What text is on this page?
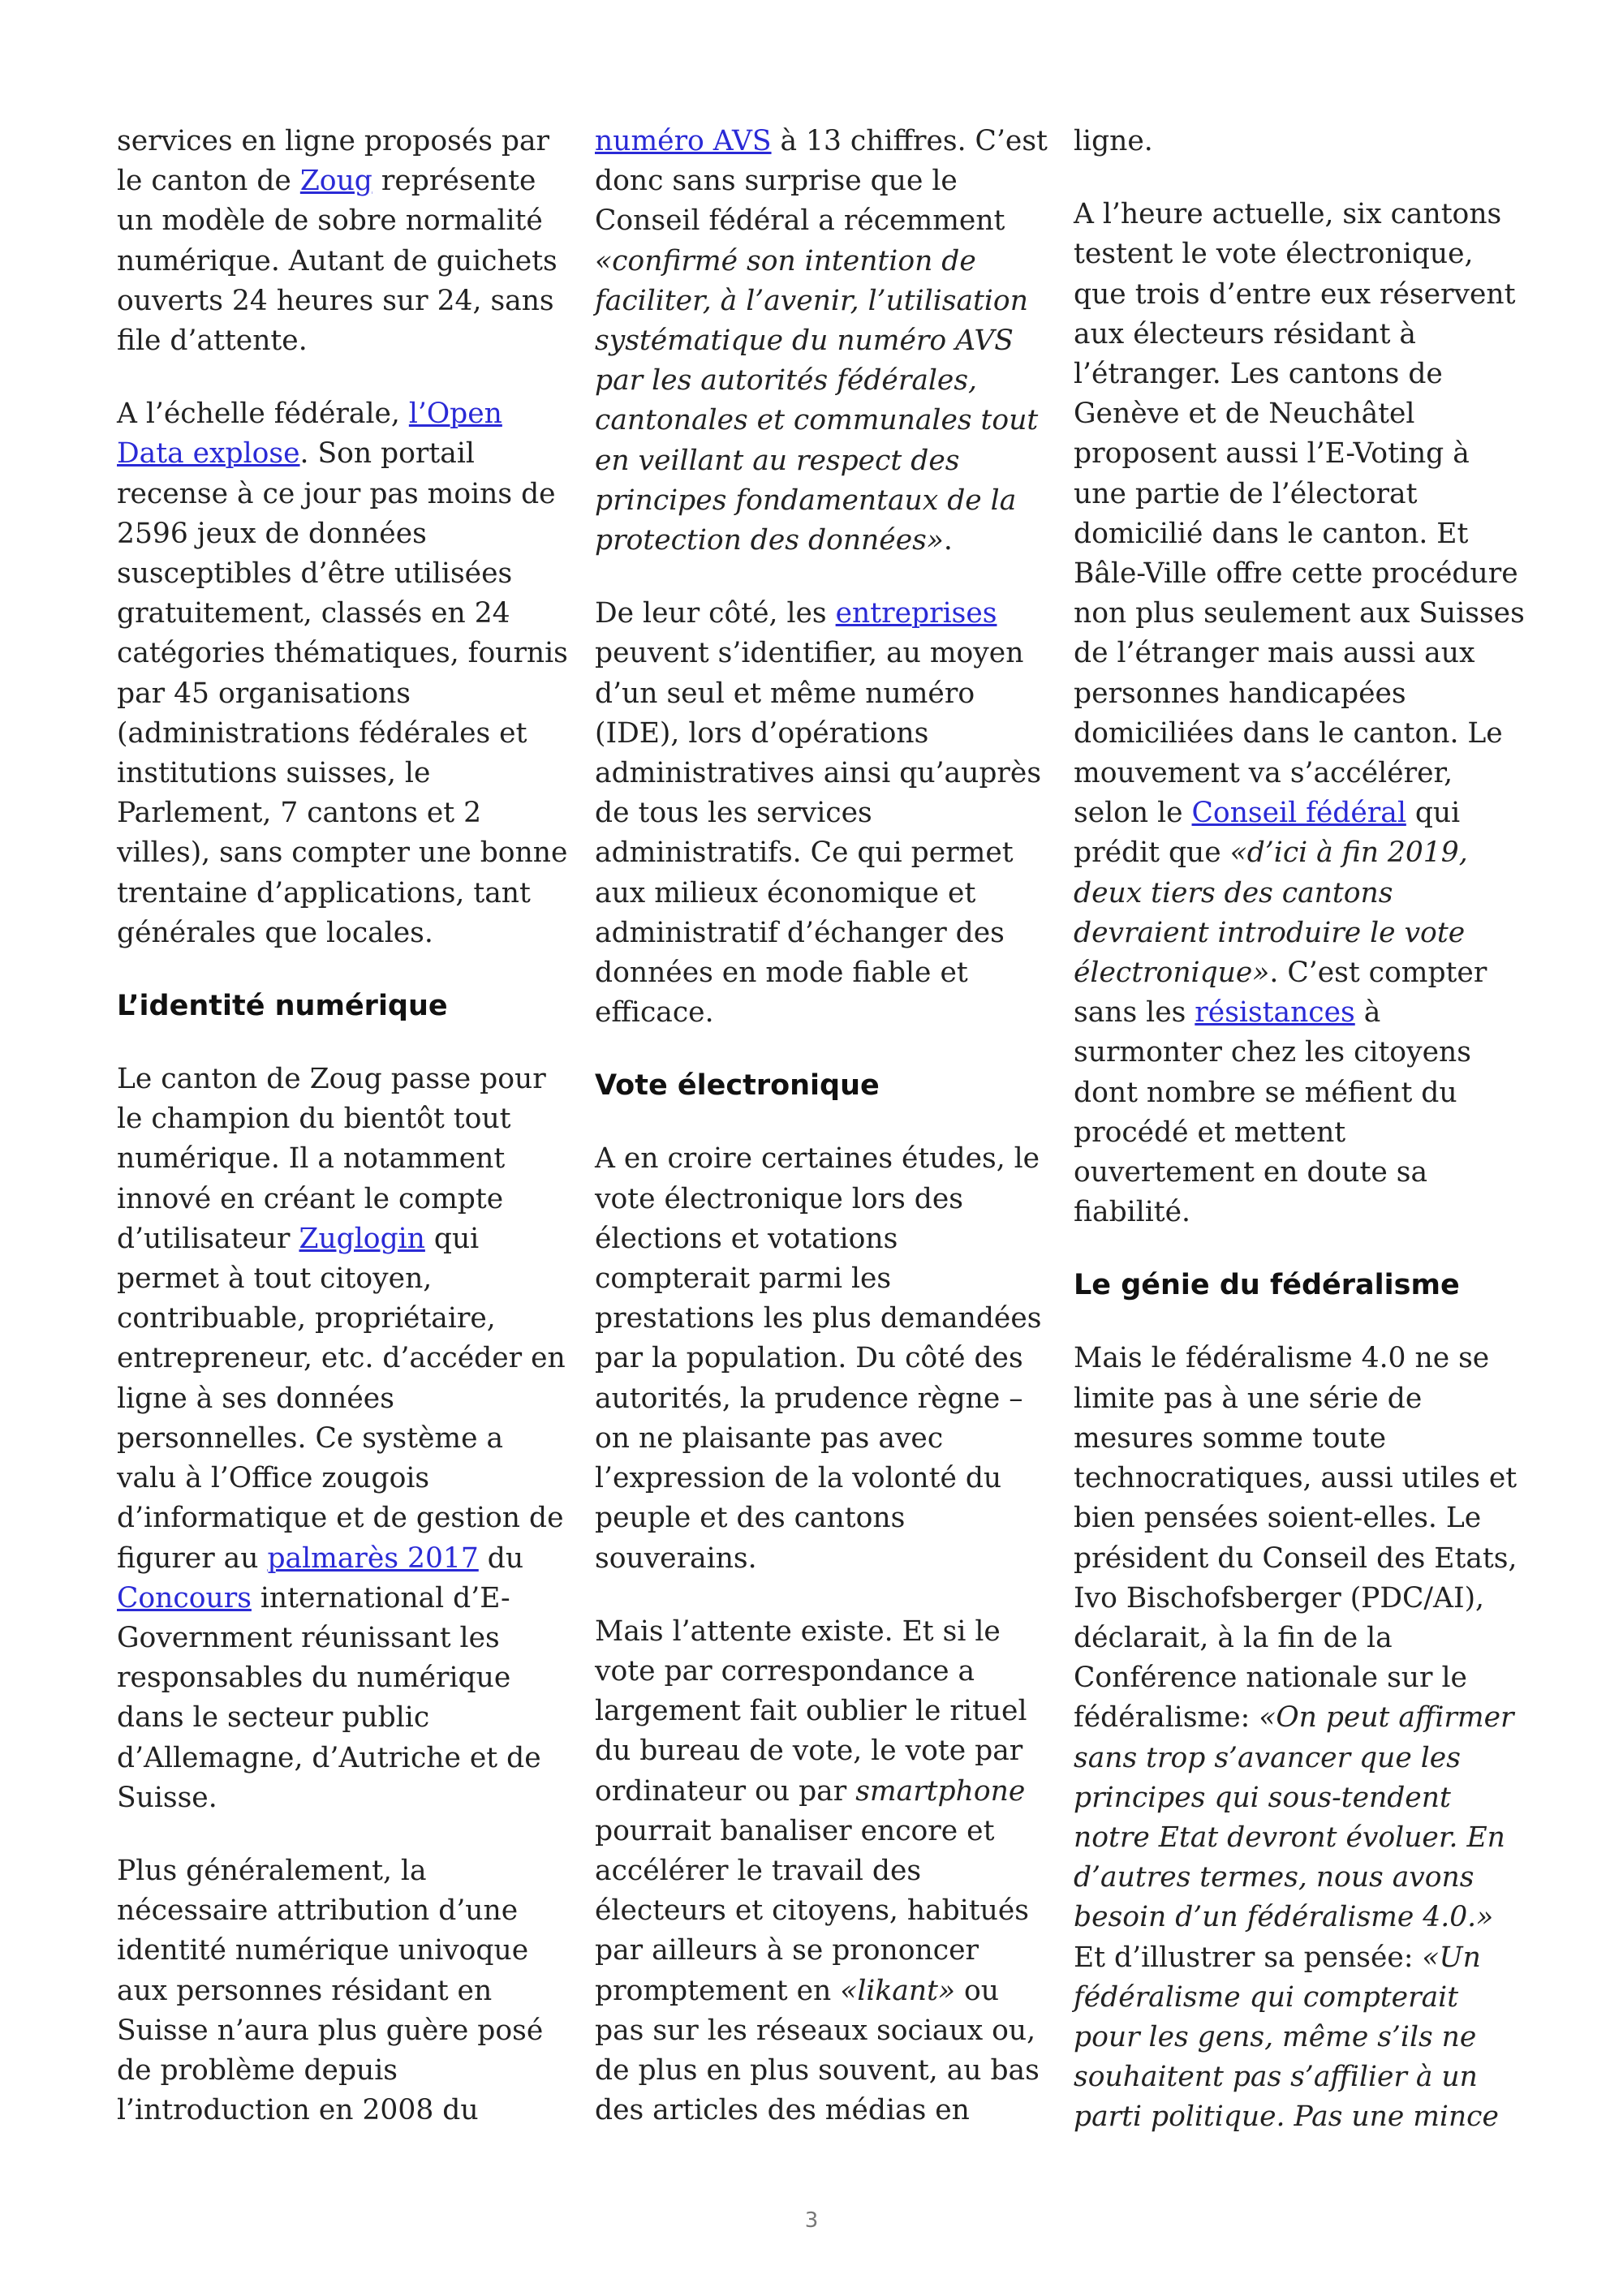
services en ligne proposés par le canton de Zoug représente un modèle de sobre normalité numérique. Autant de guichets ouverts 24 heures sur 24, sans file d’attente.

A l’échelle fédérale, l’Open Data explose. Son portail recense à ce jour pas moins de 2596 jeux de données susceptibles d’être utilisées gratuitement, classés en 24 catégories thématiques, fournis par 45 organisations (administrations fédérales et institutions suisses, le Parlement, 7 cantons et 2 villes), sans compter une bonne trentaine d’applications, tant générales que locales.

L’identité numérique

Le canton de Zoug passe pour le champion du bientôt tout numérique. Il a notamment innové en créant le compte d’utilisateur Zuglogin qui permet à tout citoyen, contribuable, propriétaire, entrepreneur, etc. d’accéder en ligne à ses données personnelles. Ce système a valu à l’Office zougois d’informatique et de gestion de figurer au palmarès 2017 du Concours international d’E-Government réunissant les responsables du numérique dans le secteur public d’Allemagne, d’Autriche et de Suisse.

Plus généralement, la nécessaire attribution d’une identité numérique univoque aux personnes résidant en Suisse n’aura plus guère posé de problème depuis l’introduction en 2008 du

numéro AVS à 13 chiffres. C’est donc sans surprise que le Conseil fédéral a récemment «confirmé son intention de faciliter, à l’avenir, l’utilisation systématique du numéro AVS par les autorités fédérales, cantonales et communales tout en veillant au respect des principes fondamentaux de la protection des données».

De leur côté, les entreprises peuvent s’identifier, au moyen d’un seul et même numéro (IDE), lors d’opérations administratives ainsi qu’auprès de tous les services administratifs. Ce qui permet aux milieux économique et administratif d’échanger des données en mode fiable et efficace.

Vote électronique

A en croire certaines études, le vote électronique lors des élections et votations compterait parmi les prestations les plus demandées par la population. Du côté des autorités, la prudence règne – on ne plaisante pas avec l’expression de la volonté du peuple et des cantons souverains.

Mais l’attente existe. Et si le vote par correspondance a largement fait oublier le rituel du bureau de vote, le vote par ordinateur ou par smartphone pourrait banaliser encore et accélérer le travail des électeurs et citoyens, habitués par ailleurs à se prononcer promptement en «likant» ou pas sur les réseaux sociaux ou, de plus en plus souvent, au bas des articles des médias en

ligne.

A l’heure actuelle, six cantons testent le vote électronique, que trois d’entre eux réservent aux électeurs résidant à l’étranger. Les cantons de Genève et de Neuchâtel proposent aussi l’E-Voting à une partie de l’électorat domicilié dans le canton. Et Bâle-Ville offre cette procédure non plus seulement aux Suisses de l’étranger mais aussi aux personnes handicapées domiciliées dans le canton. Le mouvement va s’accélérer, selon le Conseil fédéral qui prédit que «d’ici à fin 2019, deux tiers des cantons devraient introduire le vote électronique». C’est compter sans les résistances à surmonter chez les citoyens dont nombre se méfient du procédé et mettent ouvertement en doute sa fiabilité.

Le génie du fédéralisme

Mais le fédéralisme 4.0 ne se limite pas à une série de mesures somme toute technocratiques, aussi utiles et bien pensées soient-elles. Le président du Conseil des Etats, Ivo Bischofsberger (PDC/AI), déclarait, à la fin de la Conférence nationale sur le fédéralisme: «On peut affirmer sans trop s’avancer que les principes qui sous-tendent notre Etat devront évoluer. En d’autres termes, nous avons besoin d’un fédéralisme 4.0.» Et d’illustrer sa pensée: «Un fédéralisme qui compterait pour les gens, même s’ils ne souhaitent pas s’affilier à un parti politique. Pas une mince

3
